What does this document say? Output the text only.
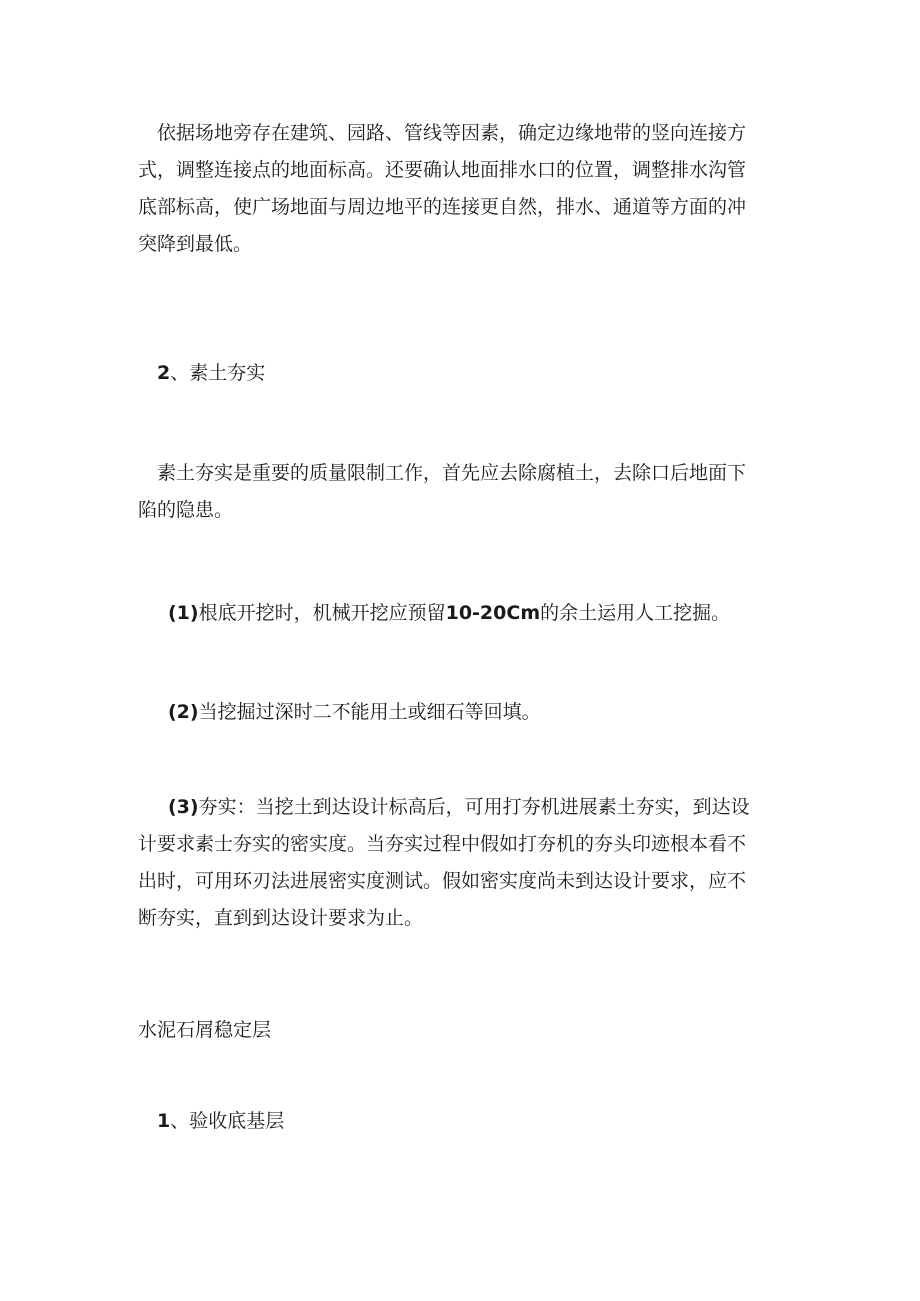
依据场地旁存在建筑、园路、管线等因素，确定边缘地带的竖向连接方
式，调整连接点的地面标高。还要确认地面排水口的位置，调整排水沟管
底部标高，使广场地面与周边地平的连接更自然，排水、通道等方面的冲
突降到最低。

2、素土夯实

素土夯实是重要的质量限制工作，首先应去除腐植土，去除口后地面下
陷的隐患。

(1)根底开挖时，机械开挖应预留10-20Cm的余土运用人工挖掘。
(2)当挖掘过深时二不能用土或细石等回填。

(3)夯实：当挖土到达设计标高后，可用打夯机进展素土夯实，到达设
计要求素士夯实的密实度。当夯实过程中假如打夯机的夯头印迹根本看不
出时，可用环刃法进展密实度测试。假如密实度尚未到达设计要求，应不
断夯实，直到到达设计要求为止。

水泥石屑稳定层
1、验收底基层
